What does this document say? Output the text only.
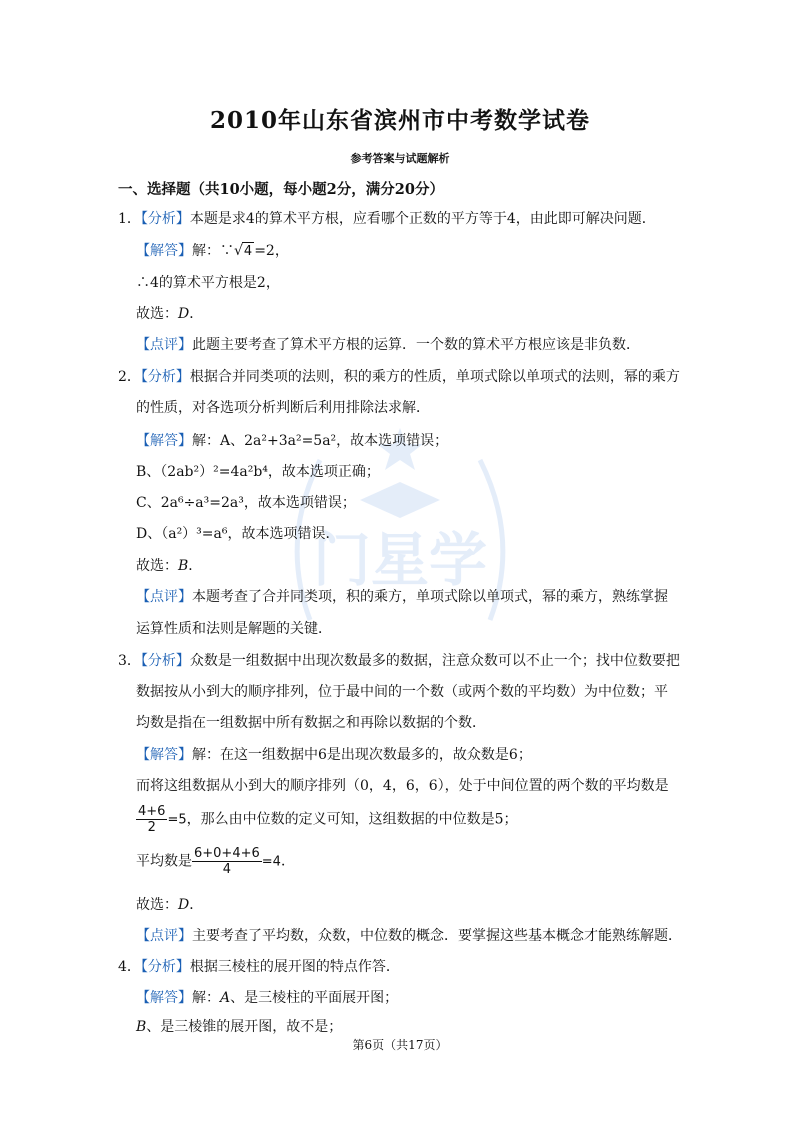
门星学
2010年山东省滨州市中考数学试卷
参考答案与试题解析
一、选择题（共10小题，每小题2分，满分20分）
1．【分析】本题是求4的算术平方根，应看哪个正数的平方等于4，由此即可解决问题．
【解答】解：∵√4 =2，
∴4的算术平方根是2，
故选：D．
【点评】此题主要考查了算术平方根的运算．一个数的算术平方根应该是非负数．
2．【分析】根据合并同类项的法则，积的乘方的性质，单项式除以单项式的法则，幂的乘方
的性质，对各选项分析判断后利用排除法求解．
【解答】解：A、2a²+3a²=5a²，故本选项错误；
B、（2ab²）²=4a²b⁴，故本选项正确；
C、2a⁶÷a³=2a³，故本选项错误；
D、（a²）³=a⁶，故本选项错误．
故选：B．
【点评】本题考查了合并同类项，积的乘方，单项式除以单项式，幂的乘方，熟练掌握
运算性质和法则是解题的关键．
3．【分析】众数是一组数据中出现次数最多的数据，注意众数可以不止一个；找中位数要把
数据按从小到大的顺序排列，位于最中间的一个数（或两个数的平均数）为中位数；平
均数是指在一组数据中所有数据之和再除以数据的个数．
【解答】解：在这一组数据中6是出现次数最多的，故众数是6；
而将这组数据从小到大的顺序排列（0，4，6，6），处于中间位置的两个数的平均数是
$\frac{4+6}{2} =5$，那么由中位数的定义可知，这组数据的中位数是5；
平均数是 $\frac{6+0+4+6}{4} =4$．
故选：D．
【点评】主要考查了平均数，众数，中位数的概念．要掌握这些基本概念才能熟练解题．
4．【分析】根据三棱柱的展开图的特点作答．
【解答】解：A、是三棱柱的平面展开图；
B、是三棱锥的展开图，故不是；
第6页（共17页）
